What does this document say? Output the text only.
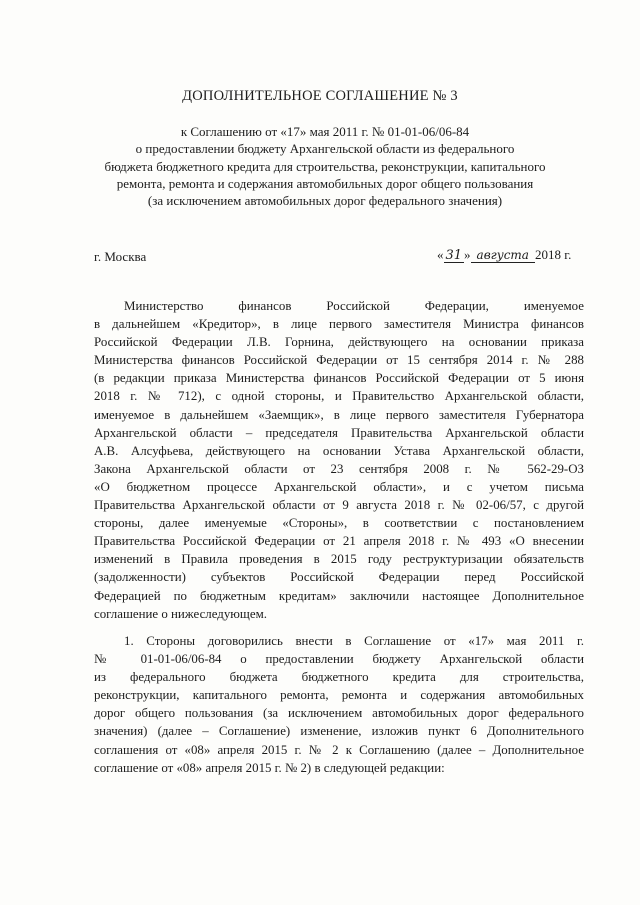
ДОПОЛНИТЕЛЬНОЕ СОГЛАШЕНИЕ № 3
к Соглашению от «17» мая 2011 г. № 01-01-06/06-84
о предоставлении бюджету Архангельской области из федерального
бюджета бюджетного кредита для строительства, реконструкции, капитального
ремонта, ремонта и содержания автомобильных дорог общего пользования
(за исключением автомобильных дорог федерального значения)
г. Москва	« 31 » августа 2018 г.
Министерство финансов Российской Федерации, именуемое
в дальнейшем «Кредитор», в лице первого заместителя Министра финансов
Российской Федерации Л.В. Горнина, действующего на основании приказа
Министерства финансов Российской Федерации от 15 сентября 2014 г. № 288
(в редакции приказа Министерства финансов Российской Федерации от 5 июня
2018 г. № 712), с одной стороны, и Правительство Архангельской области,
именуемое в дальнейшем «Заемщик», в лице первого заместителя Губернатора
Архангельской области – председателя Правительства Архангельской области
А.В. Алсуфьева, действующего на основании Устава Архангельской области,
Закона Архангельской области от 23 сентября 2008 г. № 562-29-ОЗ
«О бюджетном процессе Архангельской области», и с учетом письма
Правительства Архангельской области от 9 августа 2018 г. № 02-06/57, с другой
стороны, далее именуемые «Стороны», в соответствии с постановлением
Правительства Российской Федерации от 21 апреля 2018 г. № 493 «О внесении
изменений в Правила проведения в 2015 году реструктуризации обязательств
(задолженности) субъектов Российской Федерации перед Российской
Федерацией по бюджетным кредитам» заключили настоящее Дополнительное
соглашение о нижеследующем.
1. Стороны договорились внести в Соглашение от «17» мая 2011 г.
№ 01-01-06/06-84 о предоставлении бюджету Архангельской области
из федерального бюджета бюджетного кредита для строительства,
реконструкции, капитального ремонта, ремонта и содержания автомобильных
дорог общего пользования (за исключением автомобильных дорог федерального
значения) (далее – Соглашение) изменение, изложив пункт 6 Дополнительного
соглашения от «08» апреля 2015 г. № 2 к Соглашению (далее – Дополнительное
соглашение от «08» апреля 2015 г. № 2) в следующей редакции:
